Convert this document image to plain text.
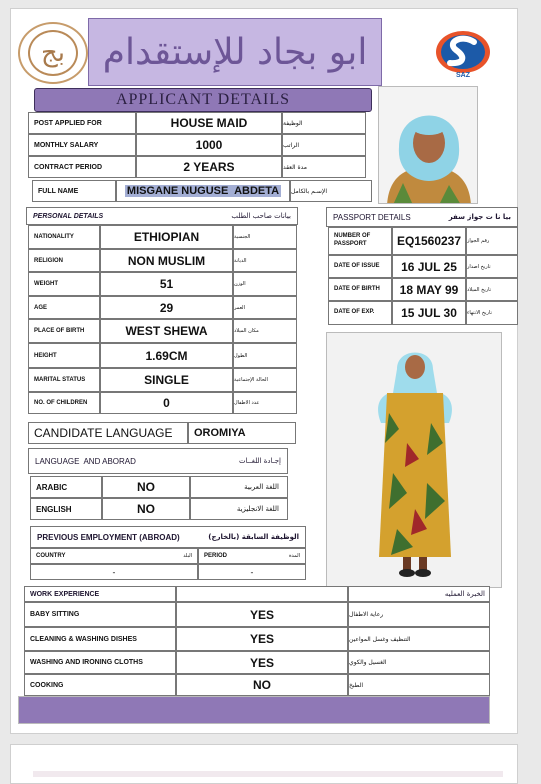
ﺑﺞ	ابو بجاد للإستقدام
SAZ
APPLICANT DETAILS
POST APPLIED FOR	HOUSE MAID	الوظيفة
MONTHLY SALARY	1000	الراتب
CONTRACT PERIOD	2 YEARS	مدة العقد
FULL NAME	MISGANE NUGUSE  ABDETA	الإسـم بالكامل
PERSONAL DETAILS	بيانات صاحب الطلب
NATIONALITY	ETHIOPIAN	الجنسية
RELIGION	NON MUSLIM	الديانة
WEIGHT	51	الوزن
AGE	29	العمر
PLACE OF BIRTH	WEST SHEWA	مكان الميلاد
HEIGHT	1.69CM	الطول
MARITAL STATUS	SINGLE	الحالة الإجتماعية
NO. OF CHILDREN	0	عدد الاطفال
PASSPORT DETAILS	بيا نا ت جواز سفر
NUMBER OF PASSPORT	EQ1560237	رقم الجواز
DATE OF ISSUE	16 JUL 25	تاريخ اصدار
DATE OF BIRTH	18 MAY 99	تاريخ الميلاد
DATE OF EXP.	15 JUL 30	تاريخ الانتهاء
CANDIDATE LANGUAGE	OROMIYA
LANGUAGE  AND ABORAD	إجـادة اللغــات
ARABIC	NO	اللغة العربية
ENGLISH	NO	اللغة الانجليزية
PREVIOUS EMPLOYMENT (ABROAD)	الوظيفة السابقة (بالخارج)
COUNTRY	البلد PERIOD	المدة
-	-
WORK EXPERIENCE	الخبرة العمليه
BABY SITTING	YES	رعاية الاطفال
CLEANING & WASHING DISHES	YES	التنظيف وغسل المواعين
WASHING AND IRONING CLOTHS	YES	الغسيل والكوي
COOKING	NO	الطبخ
